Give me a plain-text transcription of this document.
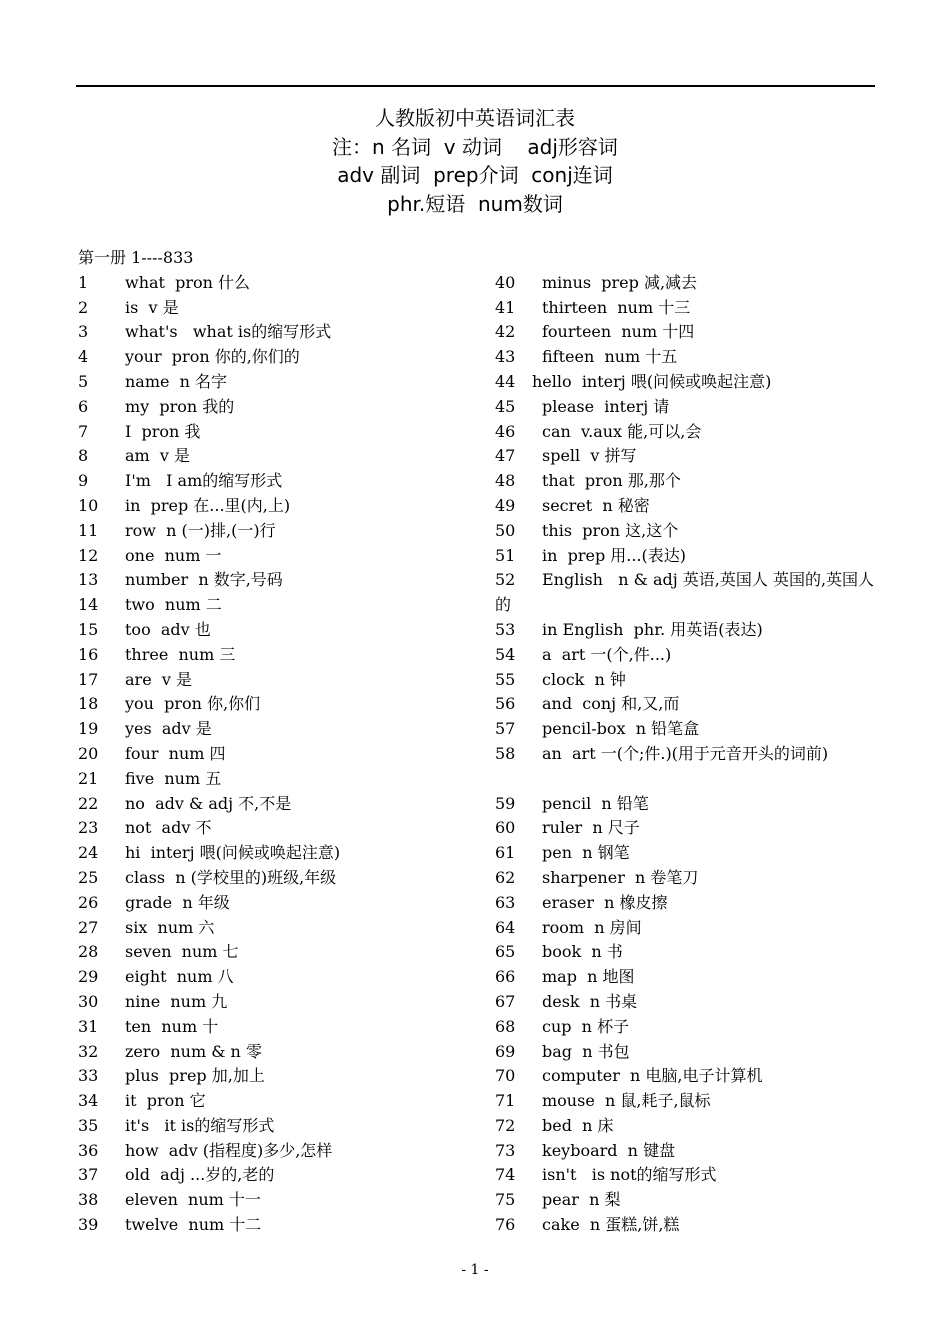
人教版初中英语词汇表
注：n 名词  v 动词    adj形容词
adv 副词  prep介词  conj连词
phr.短语  num数词
第一册 1----833
1 what  pron 什么
2 is  v 是
3 what's   what is的缩写形式
4 your  pron 你的,你们的
5 name  n 名字
6 my  pron 我的
7 I  pron 我
8 am  v 是
9 I'm   I am的缩写形式
10 in  prep 在...里(内,上)
11 row  n (一)排,(一)行
12 one  num 一
13 number  n 数字,号码
14 two  num 二
15 too  adv 也
16 three  num 三
17 are  v 是
18 you  pron 你,你们
19 yes  adv 是
20 four  num 四
21 five  num 五
22 no  adv & adj 不,不是
23 not  adv 不
24 hi  interj 喂(问候或唤起注意)
25 class  n (学校里的)班级,年级
26 grade  n 年级
27 six  num 六
28 seven  num 七
29 eight  num 八
30 nine  num 九
31 ten  num 十
32 zero  num & n 零
33 plus  prep 加,加上
34 it  pron 它
35 it's   it is的缩写形式
36 how  adv (指程度)多少,怎样
37 old  adj ...岁的,老的
38 eleven  num 十一
39 twelve  num 十二
40 minus  prep 减,减去
41 thirteen  num 十三
42 fourteen  num 十四
43 fifteen  num 十五
44 hello  interj 喂(问候或唤起注意)
45 please  interj 请
46 can  v.aux 能,可以,会
47 spell  v 拼写
48 that  pron 那,那个
49 secret  n 秘密
50 this  pron 这,这个
51 in  prep 用...(表达)
52 English   n & adj 英语,英国人 英国的,英国人的
53 in English  phr. 用英语(表达)
54 a  art 一(个,件...)
55 clock  n 钟
56 and  conj 和,又,而
57 pencil-box  n 铅笔盒
58 an  art 一(个;件.)(用于元音开头的词前)
59 pencil  n 铅笔
60 ruler  n 尺子
61 pen  n 钢笔
62 sharpener  n 卷笔刀
63 eraser  n 橡皮擦
64 room  n 房间
65 book  n 书
66 map  n 地图
67 desk  n 书桌
68 cup  n 杯子
69 bag  n 书包
70 computer  n 电脑,电子计算机
71 mouse  n 鼠,耗子,鼠标
72 bed  n 床
73 keyboard  n 键盘
74 isn't   is not的缩写形式
75 pear  n 梨
76 cake  n 蛋糕,饼,糕
- 1 -
